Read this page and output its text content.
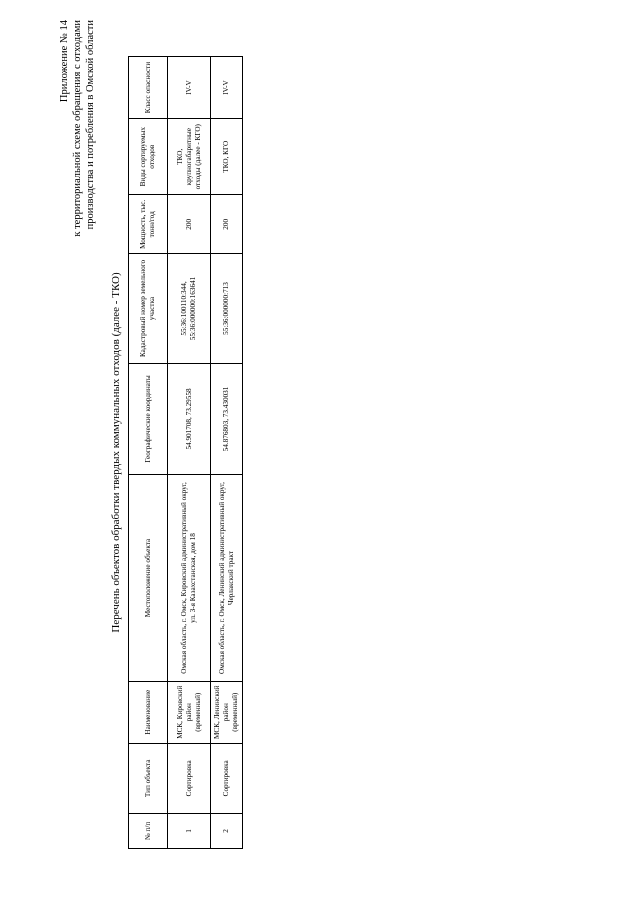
Приложение № 14 к территориальной схеме обращения с отходами производства и потребления в Омской области
Перечень объектов обработки твердых коммунальных отходов (далее - ТКО)
№ п/п	Тип объекта	Наименование	Местоположение объекта	Географические координаты	Кадастровый номер земельного участка	Мощность, тыс. тонн/год	Виды сортируемых отходов	Класс опасности
1	Сортировка	МСК, Кировский район (временный)	Омская область, г. Омск, Кировский административный округ, ул. 3-я Казахстанская, дом 18	54.901708, 73.29558	55:36:100110:344, 55:36:000000:163641	200	ТКО, крупногабаритные отходы (далее - КГО)	IV-V
2	Сортировка	МСК, Ленинский район (временный)	Омская область, г. Омск, Ленинский административный округ, Черлакский тракт	54.876803, 73.430031	55:36:000000:713	200	ТКО, КГО	IV-V
